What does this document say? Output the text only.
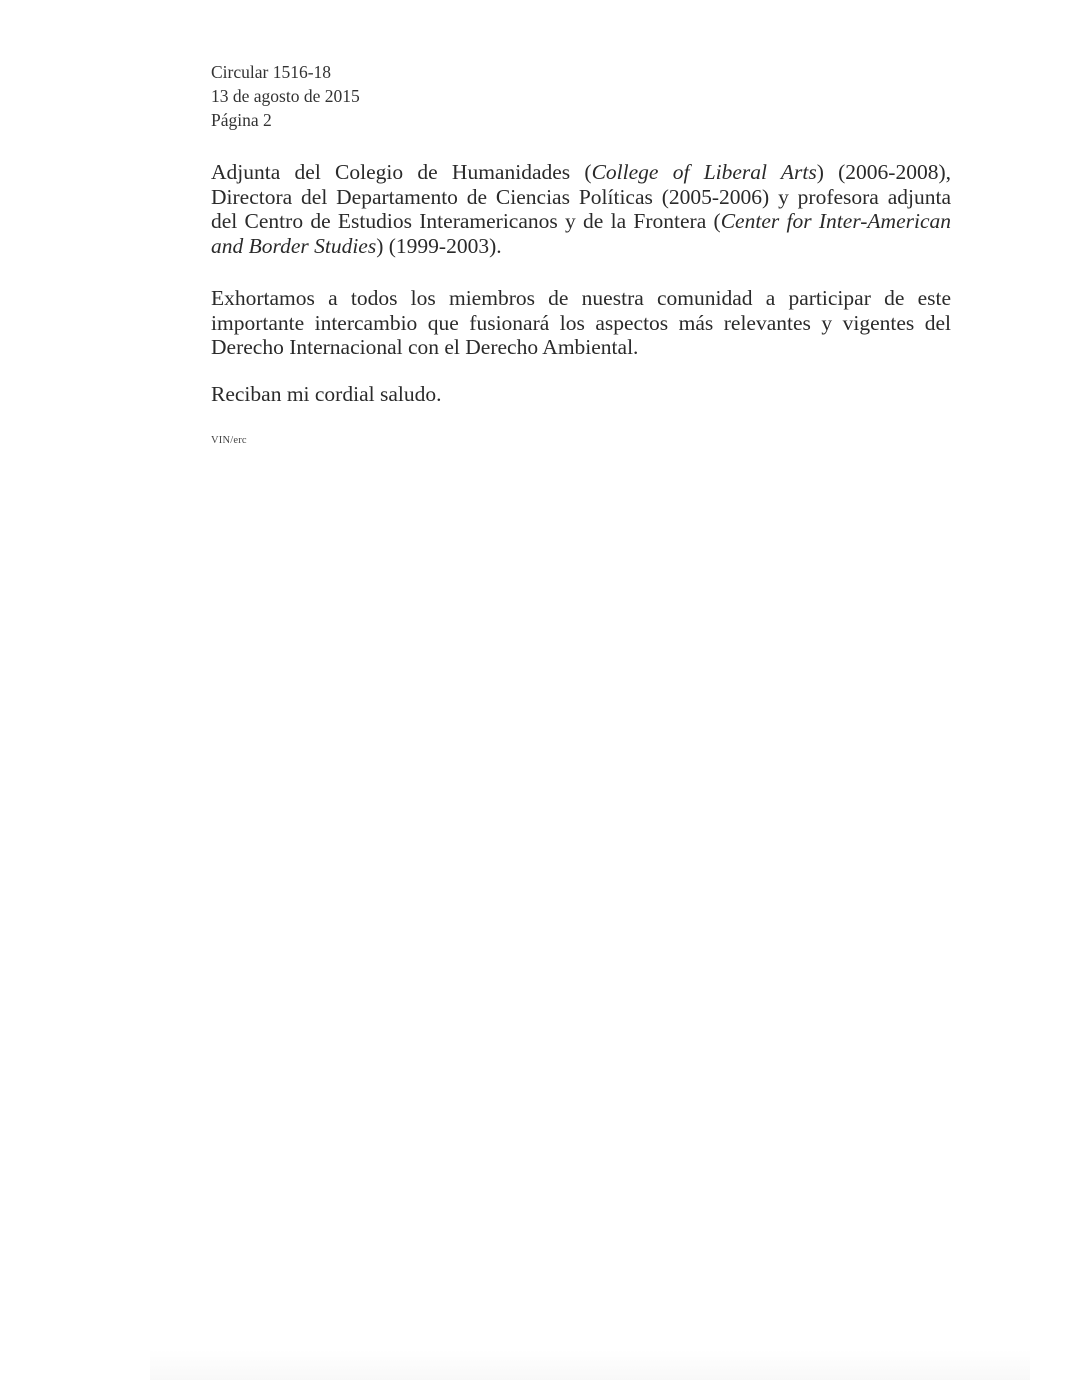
Circular 1516-18
13 de agosto de 2015
Página 2

Adjunta del Colegio de Humanidades (College of Liberal Arts) (2006-2008), Directora del Departamento de Ciencias Políticas (2005-2006) y profesora adjunta del Centro de Estudios Interamericanos y de la Frontera (Center for Inter-American and Border Studies) (1999-2003).

Exhortamos a todos los miembros de nuestra comunidad a participar de este importante intercambio que fusionará los aspectos más relevantes y vigentes del Derecho Internacional con el Derecho Ambiental.

Reciban mi cordial saludo.

VIN/erc
